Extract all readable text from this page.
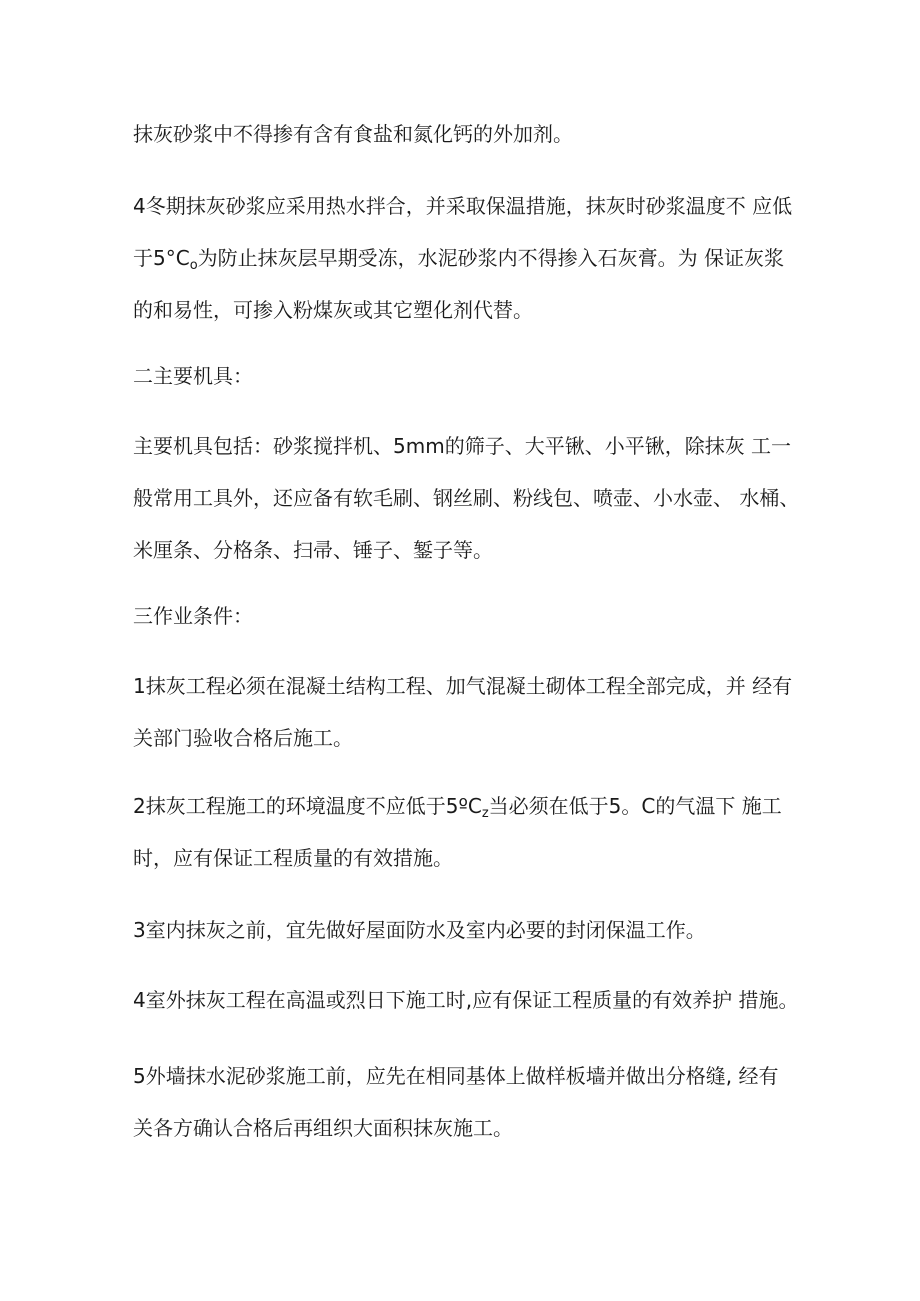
抹灰砂浆中不得掺有含有食盐和氮化钙的外加剂。
4冬期抹灰砂浆应采用热水拌合，并采取保温措施，抹灰时砂浆温度不 应低
于$5^\circ C_o$为防止抹灰层早期受冻，水泥砂浆内不得掺入石灰膏。为 保证灰浆
的和易性，可掺入粉煤灰或其它塑化剂代替。
二主要机具：
主要机具包括：砂浆搅拌机、5mm的筛子、大平锹、小平锹，除抹灰 工一
般常用工具外，还应备有软毛刷、钢丝刷、粉线包、喷壶、小水壶、 水桶、
米厘条、分格条、扫帚、锤子、錾子等。
三作业条件：
1抹灰工程必须在混凝土结构工程、加气混凝土砌体工程全部完成，并 经有
关部门验收合格后施工。
2抹灰工程施工的环境温度不应低于5ºC$_z$当必须在低于5。C的气温下 施工
时，应有保证工程质量的有效措施。
3室内抹灰之前，宜先做好屋面防水及室内必要的封闭保温工作。
4室外抹灰工程在高温或烈日下施工时,应有保证工程质量的有效养护 措施。
5外墙抹水泥砂浆施工前，应先在相同基体上做样板墙并做出分格缝, 经有
关各方确认合格后再组织大面积抹灰施工。
